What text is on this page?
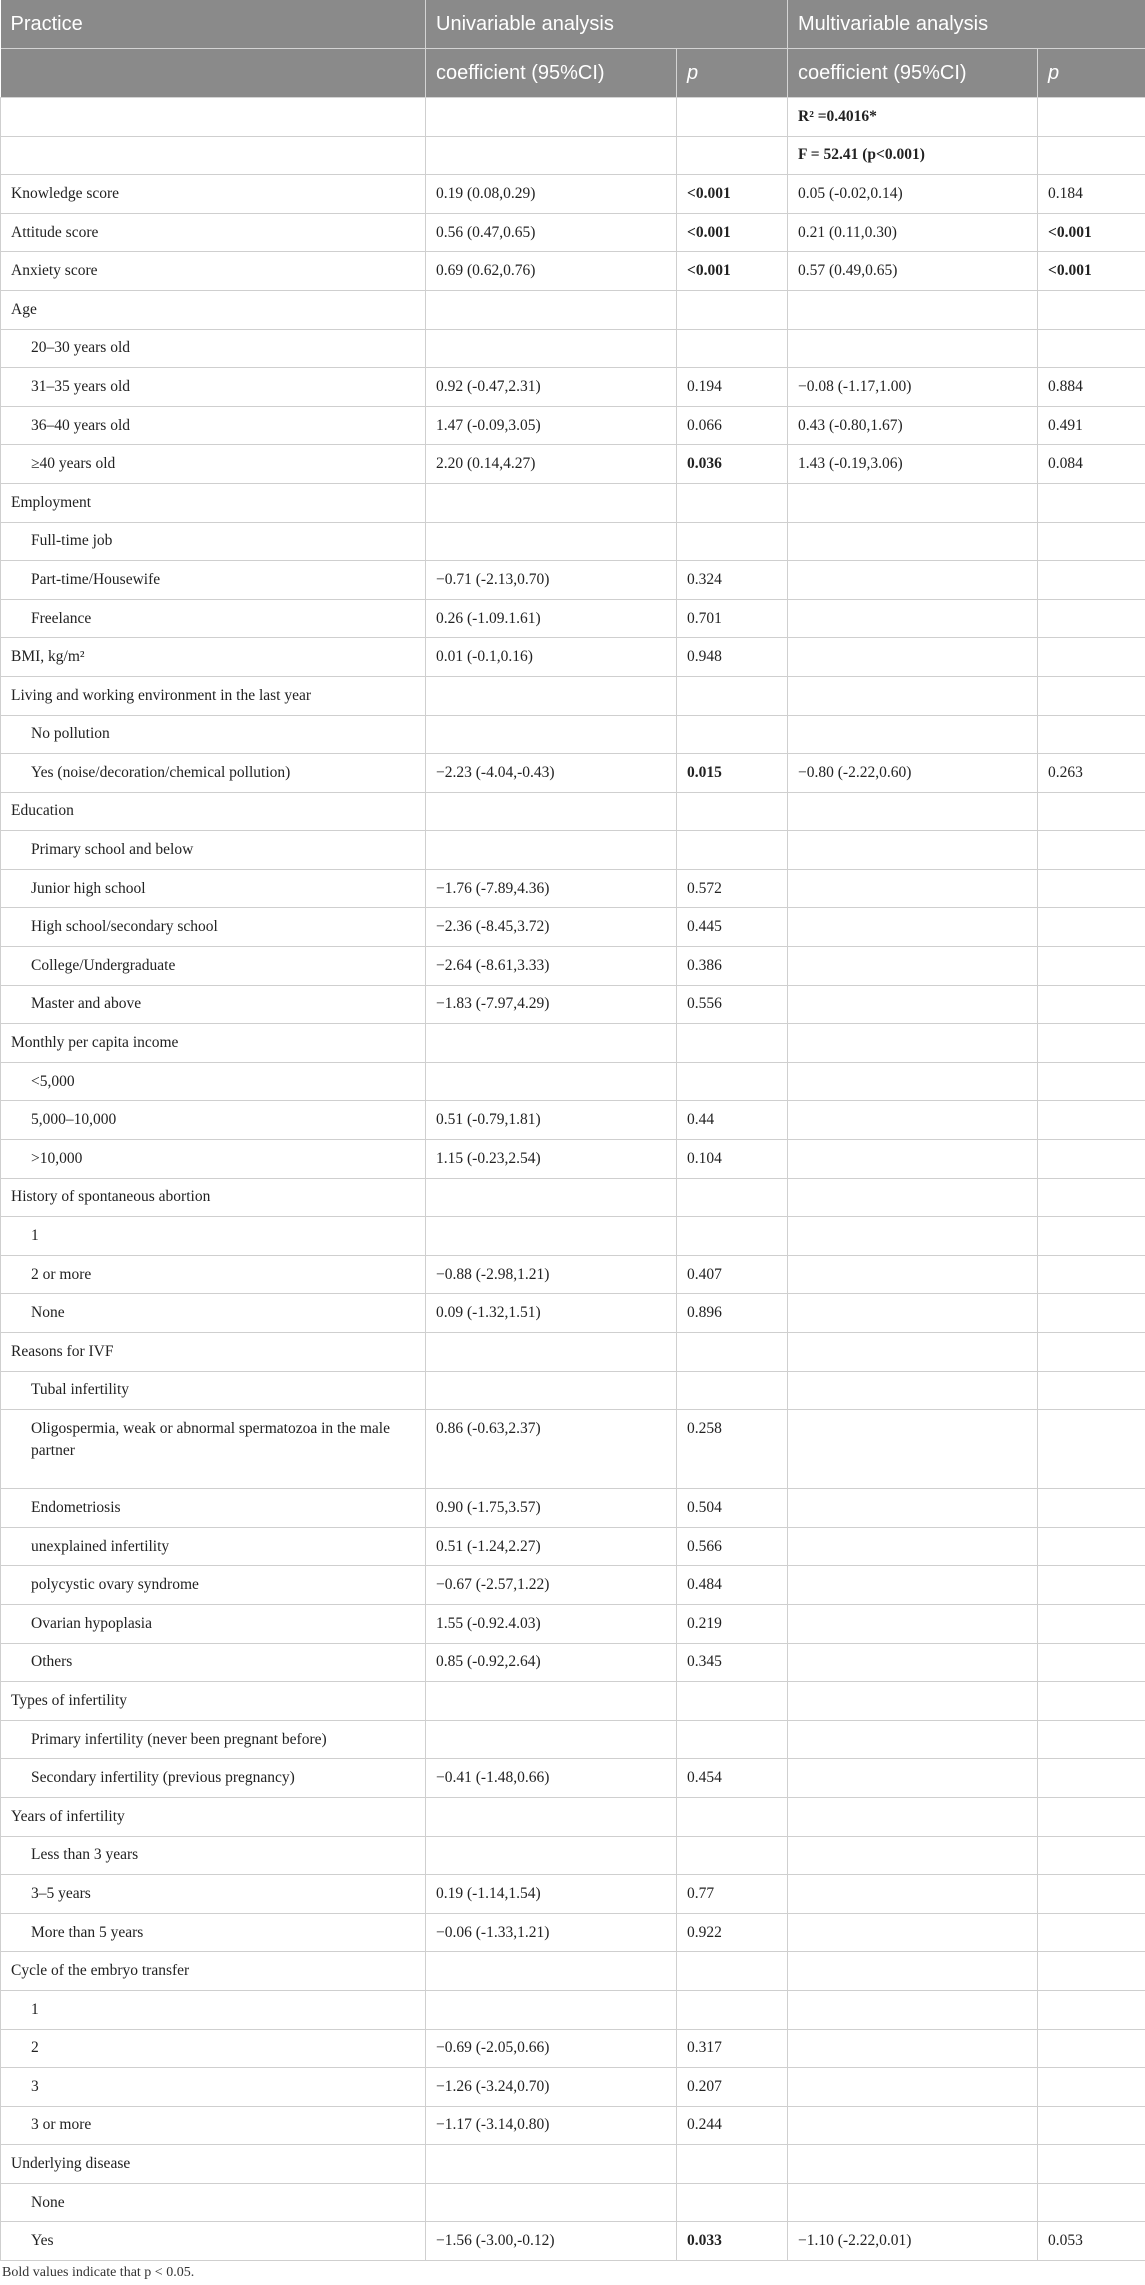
Practice	Univariable analysis		Multivariable analysis	
	coefficient (95%CI)	p	coefficient (95%CI)	p
			R² =0.4016*	
			F = 52.41 (p<0.001)	
Knowledge score	0.19 (0.08,0.29)	<0.001	0.05 (-0.02,0.14)	0.184
Attitude score	0.56 (0.47,0.65)	<0.001	0.21 (0.11,0.30)	<0.001
Anxiety score	0.69 (0.62,0.76)	<0.001	0.57 (0.49,0.65)	<0.001
Age				
20–30 years old				
31–35 years old	0.92 (-0.47,2.31)	0.194	−0.08 (-1.17,1.00)	0.884
36–40 years old	1.47 (-0.09,3.05)	0.066	0.43 (-0.80,1.67)	0.491
≥40 years old	2.20 (0.14,4.27)	0.036	1.43 (-0.19,3.06)	0.084
Employment				
Full-time job				
Part-time/Housewife	−0.71 (-2.13,0.70)	0.324		
Freelance	0.26 (-1.09.1.61)	0.701		
BMI, kg/m²	0.01 (-0.1,0.16)	0.948		
Living and working environment in the last year				
No pollution				
Yes (noise/decoration/chemical pollution)	−2.23 (-4.04,-0.43)	0.015	−0.80 (-2.22,0.60)	0.263
Education				
Primary school and below				
Junior high school	−1.76 (-7.89,4.36)	0.572		
High school/secondary school	−2.36 (-8.45,3.72)	0.445		
College/Undergraduate	−2.64 (-8.61,3.33)	0.386		
Master and above	−1.83 (-7.97,4.29)	0.556		
Monthly per capita income				
<5,000				
5,000–10,000	0.51 (-0.79,1.81)	0.44		
>10,000	1.15 (-0.23,2.54)	0.104		
History of spontaneous abortion				
1				
2 or more	−0.88 (-2.98,1.21)	0.407		
None	0.09 (-1.32,1.51)	0.896		
Reasons for IVF				
Tubal infertility				
Oligospermia, weak or abnormal spermatozoa in the male partner	0.86 (-0.63,2.37)	0.258		
Endometriosis	0.90 (-1.75,3.57)	0.504		
unexplained infertility	0.51 (-1.24,2.27)	0.566		
polycystic ovary syndrome	−0.67 (-2.57,1.22)	0.484		
Ovarian hypoplasia	1.55 (-0.92.4.03)	0.219		
Others	0.85 (-0.92,2.64)	0.345		
Types of infertility				
Primary infertility (never been pregnant before)				
Secondary infertility (previous pregnancy)	−0.41 (-1.48,0.66)	0.454		
Years of infertility				
Less than 3 years				
3–5 years	0.19 (-1.14,1.54)	0.77		
More than 5 years	−0.06 (-1.33,1.21)	0.922		
Cycle of the embryo transfer				
1				
2	−0.69 (-2.05,0.66)	0.317		
3	−1.26 (-3.24,0.70)	0.207		
3 or more	−1.17 (-3.14,0.80)	0.244		
Underlying disease				
None				
Yes	−1.56 (-3.00,-0.12)	0.033	−1.10 (-2.22,0.01)	0.053
Bold values indicate that p < 0.05.
